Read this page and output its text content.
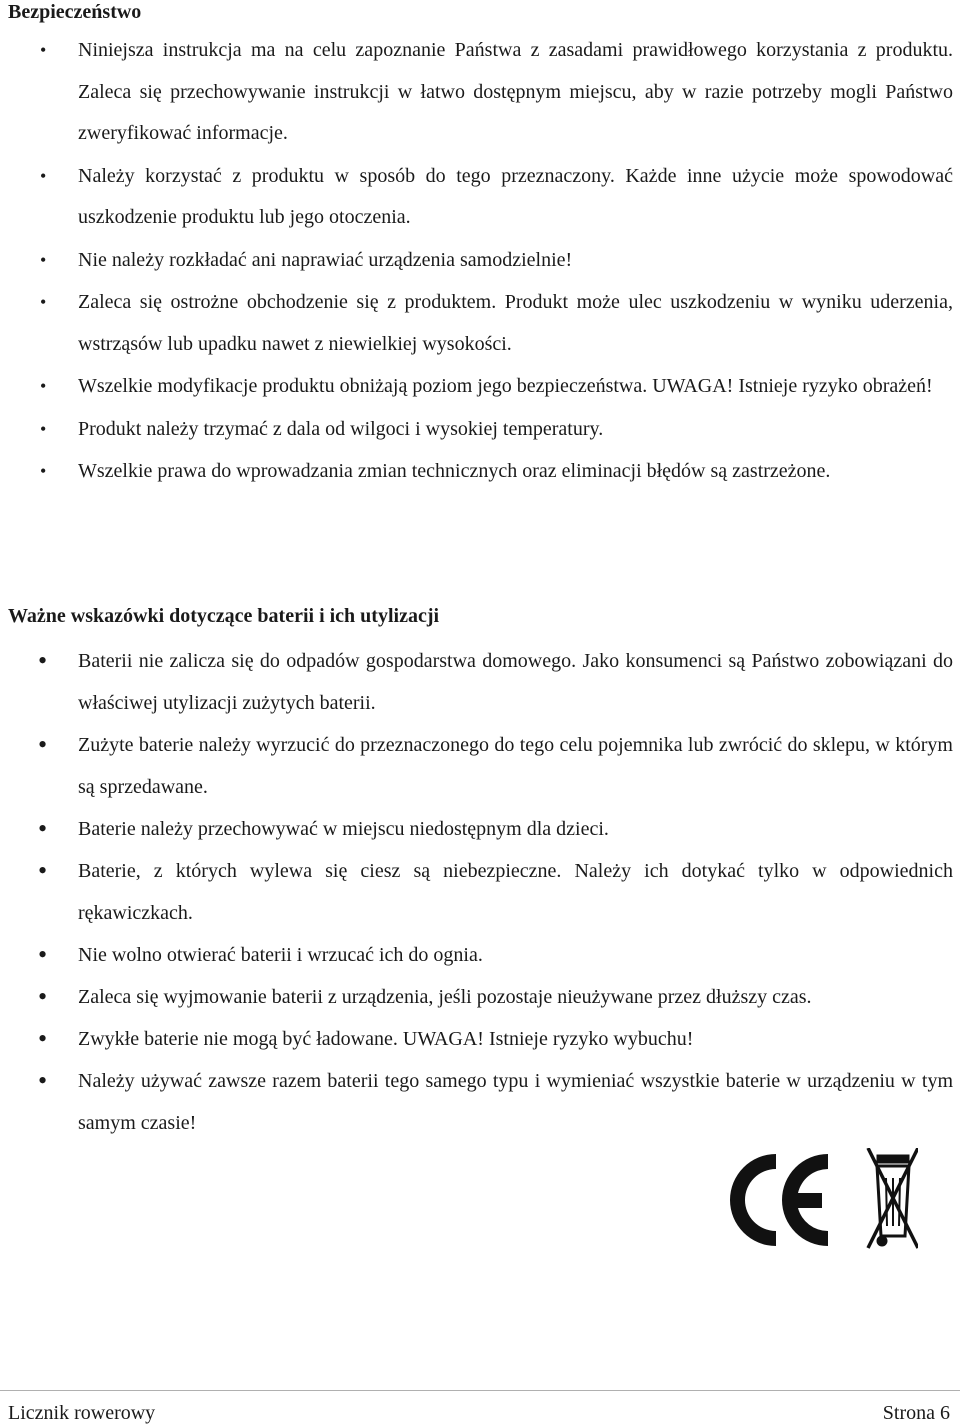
Bezpieczeństwo
• Niniejsza instrukcja ma na celu zapoznanie Państwa z zasadami prawidłowego korzystania z produktu. Zaleca się przechowywanie instrukcji w łatwo dostępnym miejscu, aby w razie potrzeby mogli Państwo zweryfikować informacje.
• Należy korzystać z produktu w sposób do tego przeznaczony. Każde inne użycie może spowodować uszkodzenie produktu lub jego otoczenia.
• Nie należy rozkładać ani naprawiać urządzenia samodzielnie!
• Zaleca się ostrożne obchodzenie się z produktem. Produkt może ulec uszkodzeniu w wyniku uderzenia, wstrząsów lub upadku nawet z niewielkiej wysokości.
• Wszelkie modyfikacje produktu obniżają poziom jego bezpieczeństwa. UWAGA! Istnieje ryzyko obrażeń!
• Produkt należy trzymać z dala od wilgoci i wysokiej temperatury.
• Wszelkie prawa do wprowadzania zmian technicznych oraz eliminacji błędów są zastrzeżone.
Ważne wskazówki dotyczące baterii i ich utylizacji
• Baterii nie zalicza się do odpadów gospodarstwa domowego. Jako konsumenci są Państwo zobowiązani do właściwej utylizacji zużytych baterii.
• Zużyte baterie należy wyrzucić do przeznaczonego do tego celu pojemnika lub zwrócić do sklepu, w którym są sprzedawane.
• Baterie należy przechowywać w miejscu niedostępnym dla dzieci.
• Baterie, z których wylewa się ciesz są niebezpieczne. Należy ich dotykać tylko w odpowiednich rękawiczkach.
• Nie wolno otwierać baterii i wrzucać ich do ognia.
• Zaleca się wyjmowanie baterii z urządzenia, jeśli pozostaje nieużywane przez dłuższy czas.
• Zwykłe baterie nie mogą być ładowane. UWAGA! Istnieje ryzyko wybuchu!
• Należy używać zawsze razem baterii tego samego typu i wymieniać wszystkie baterie w urządzeniu w tym samym czasie!
Licznik rowerowy	Strona 6
